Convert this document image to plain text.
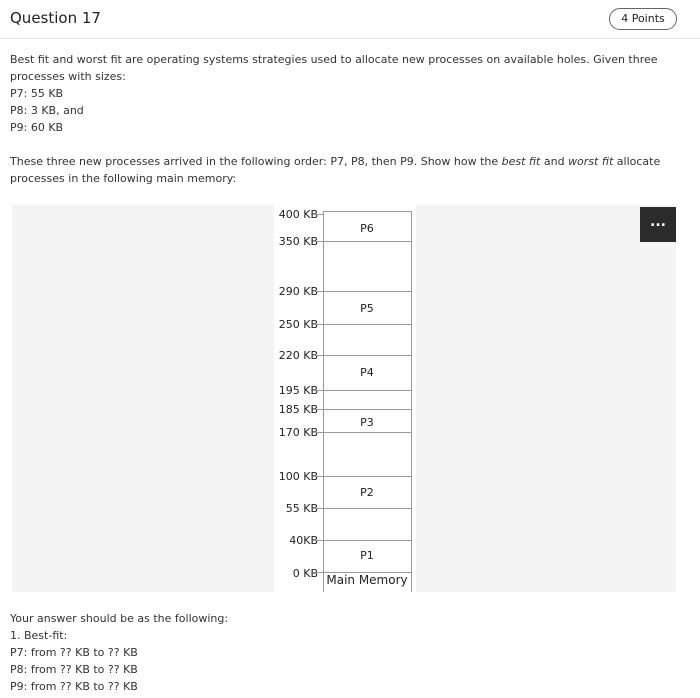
Question 17	4 Points
Best fit and worst fit are operating systems strategies used to allocate new processes on available holes. Given three processes with sizes:
P7: 55 KB
P8: 3 KB, and
P9: 60 KB
These three new processes arrived in the following order: P7, P8, then P9. Show how the best fit and worst fit allocate processes in the following main memory:
400 KB
350 KB
290 KB
250 KB
220 KB
195 KB
185 KB
170 KB
100 KB
55 KB
40KB
0 KB
P6
P5
P4
P3
P2
P1
Main Memory
...
Your answer should be as the following:
1. Best-fit:
P7: from ?? KB to ?? KB
P8: from ?? KB to ?? KB
P9: from ?? KB to ?? KB
